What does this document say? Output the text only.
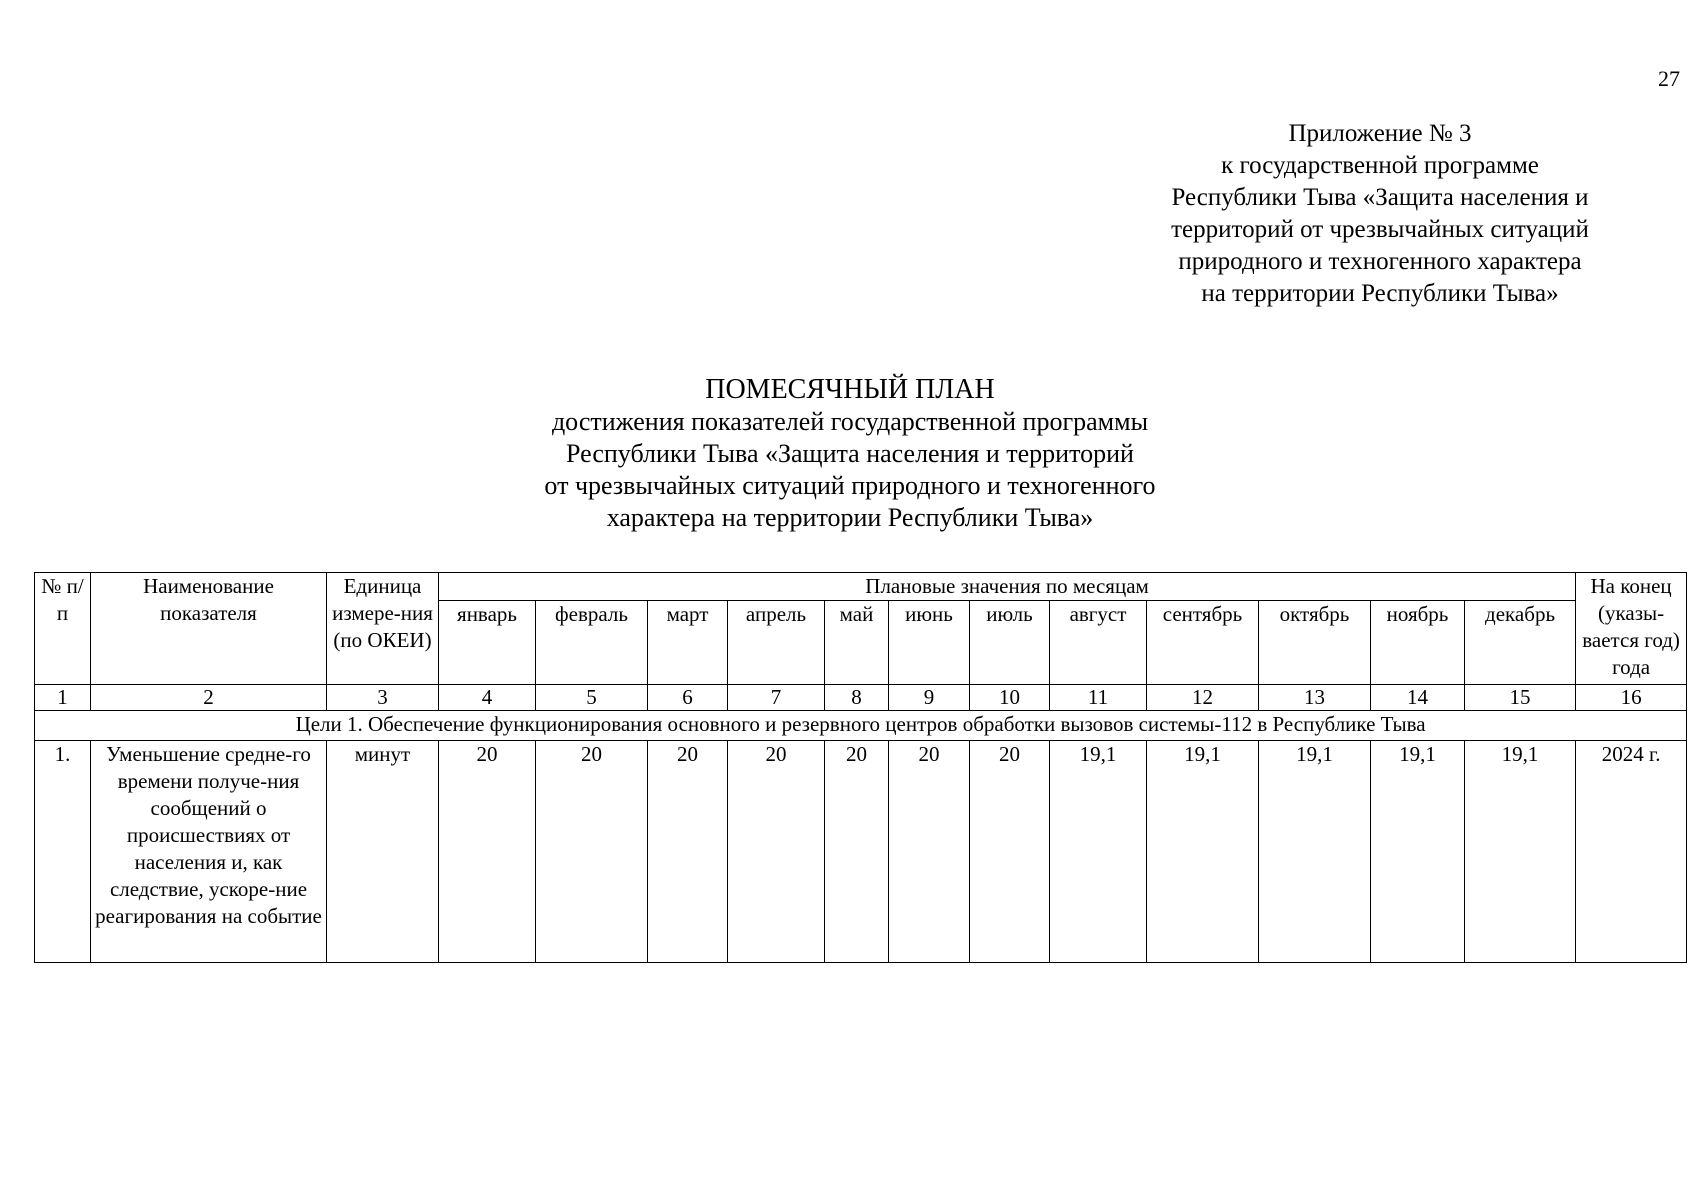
27
Приложение № 3
к государственной программе
Республики Тыва «Защита населения и
территорий от чрезвычайных ситуаций
природного и техногенного характера
на территории Республики Тыва»
ПОМЕСЯЧНЫЙ ПЛАН
достижения показателей государственной программы
Республики Тыва «Защита населения и территорий
от чрезвычайных ситуаций природного и техногенного
характера на территории Республики Тыва»
№ п/п	Наименование показателя	Единица измере-ния (по ОКЕИ)	Плановые значения по месяцам												На конец (указы-вается год) года
			январь	февраль	март	апрель	май	июнь	июль	август	сентябрь	октябрь	ноябрь	декабрь	
1	2	3	4	5	6	7	8	9	10	11	12	13	14	15	16
Цели 1. Обеспечение функционирования основного и резервного центров обработки вызовов системы-112 в Республике Тыва															
1.	Уменьшение средне-го времени получе-ния сообщений о происшествиях от населения и, как следствие, ускоре-ние реагирования на событие	минут	20	20	20	20	20	20	20	19,1	19,1	19,1	19,1	19,1	2024 г.
